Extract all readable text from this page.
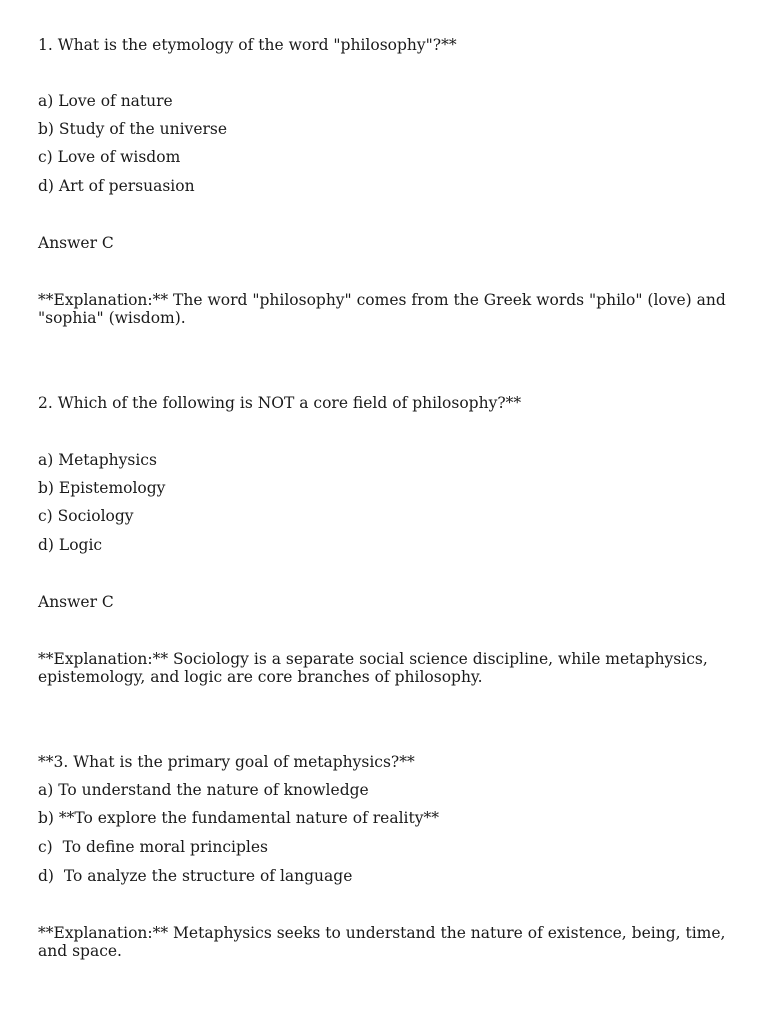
1. What is the etymology of the word "philosophy"?**
a) Love of nature
b) Study of the universe
c) Love of wisdom
d) Art of persuasion
Answer C
**Explanation:** The word "philosophy" comes from the Greek words "philo" (love) and "sophia" (wisdom).
2. Which of the following is NOT a core field of philosophy?**
a) Metaphysics
b) Epistemology
c) Sociology
d) Logic
Answer C
**Explanation:** Sociology is a separate social science discipline, while metaphysics, epistemology, and logic are core branches of philosophy.
**3. What is the primary goal of metaphysics?**
a) To understand the nature of knowledge
b) **To explore the fundamental nature of reality**
c)  To define moral principles
d)  To analyze the structure of language
**Explanation:** Metaphysics seeks to understand the nature of existence, being, time, and space.
